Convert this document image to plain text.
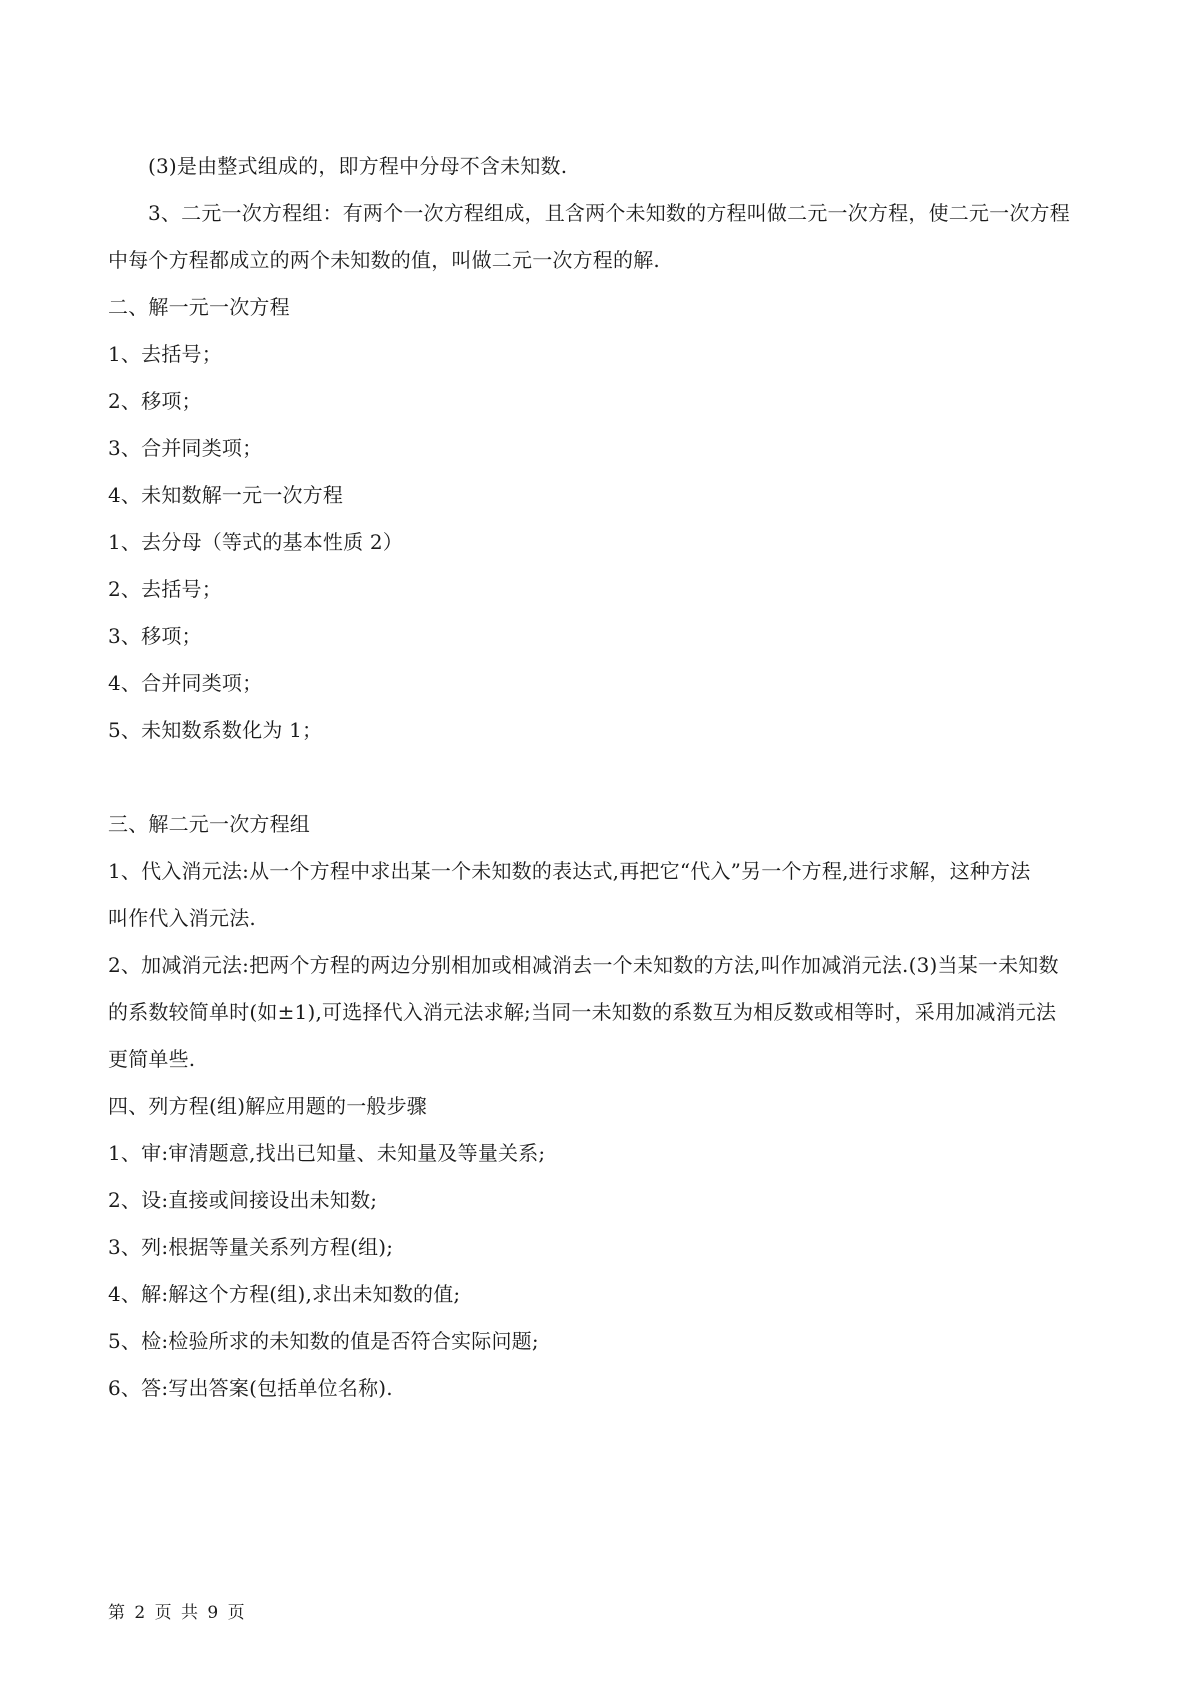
(3)是由整式组成的，即方程中分母不含未知数.
3、二元一次方程组：有两个一次方程组成，且含两个未知数的方程叫做二元一次方程，使二元一次方程
中每个方程都成立的两个未知数的值，叫做二元一次方程的解.
二、解一元一次方程
1、去括号；
2、移项；
3、合并同类项；
4、未知数解一元一次方程
1、去分母（等式的基本性质 2）
2、去括号；
3、移项；
4、合并同类项；
5、未知数系数化为 1；
三、解二元一次方程组
1、代入消元法:从一个方程中求出某一个未知数的表达式,再把它“代入”另一个方程,进行求解，这种方法
叫作代入消元法.
2、加减消元法:把两个方程的两边分别相加或相减消去一个未知数的方法,叫作加减消元法.(3)当某一未知数
的系数较简单时(如±1),可选择代入消元法求解;当同一未知数的系数互为相反数或相等时，采用加减消元法
更简单些.
四、列方程(组)解应用题的一般步骤
1、审:审清题意,找出已知量、未知量及等量关系;
2、设:直接或间接设出未知数;
3、列:根据等量关系列方程(组);
4、解:解这个方程(组),求出未知数的值;
5、检:检验所求的未知数的值是否符合实际问题;
6、答:写出答案(包括单位名称).
第 2 页 共 9 页
